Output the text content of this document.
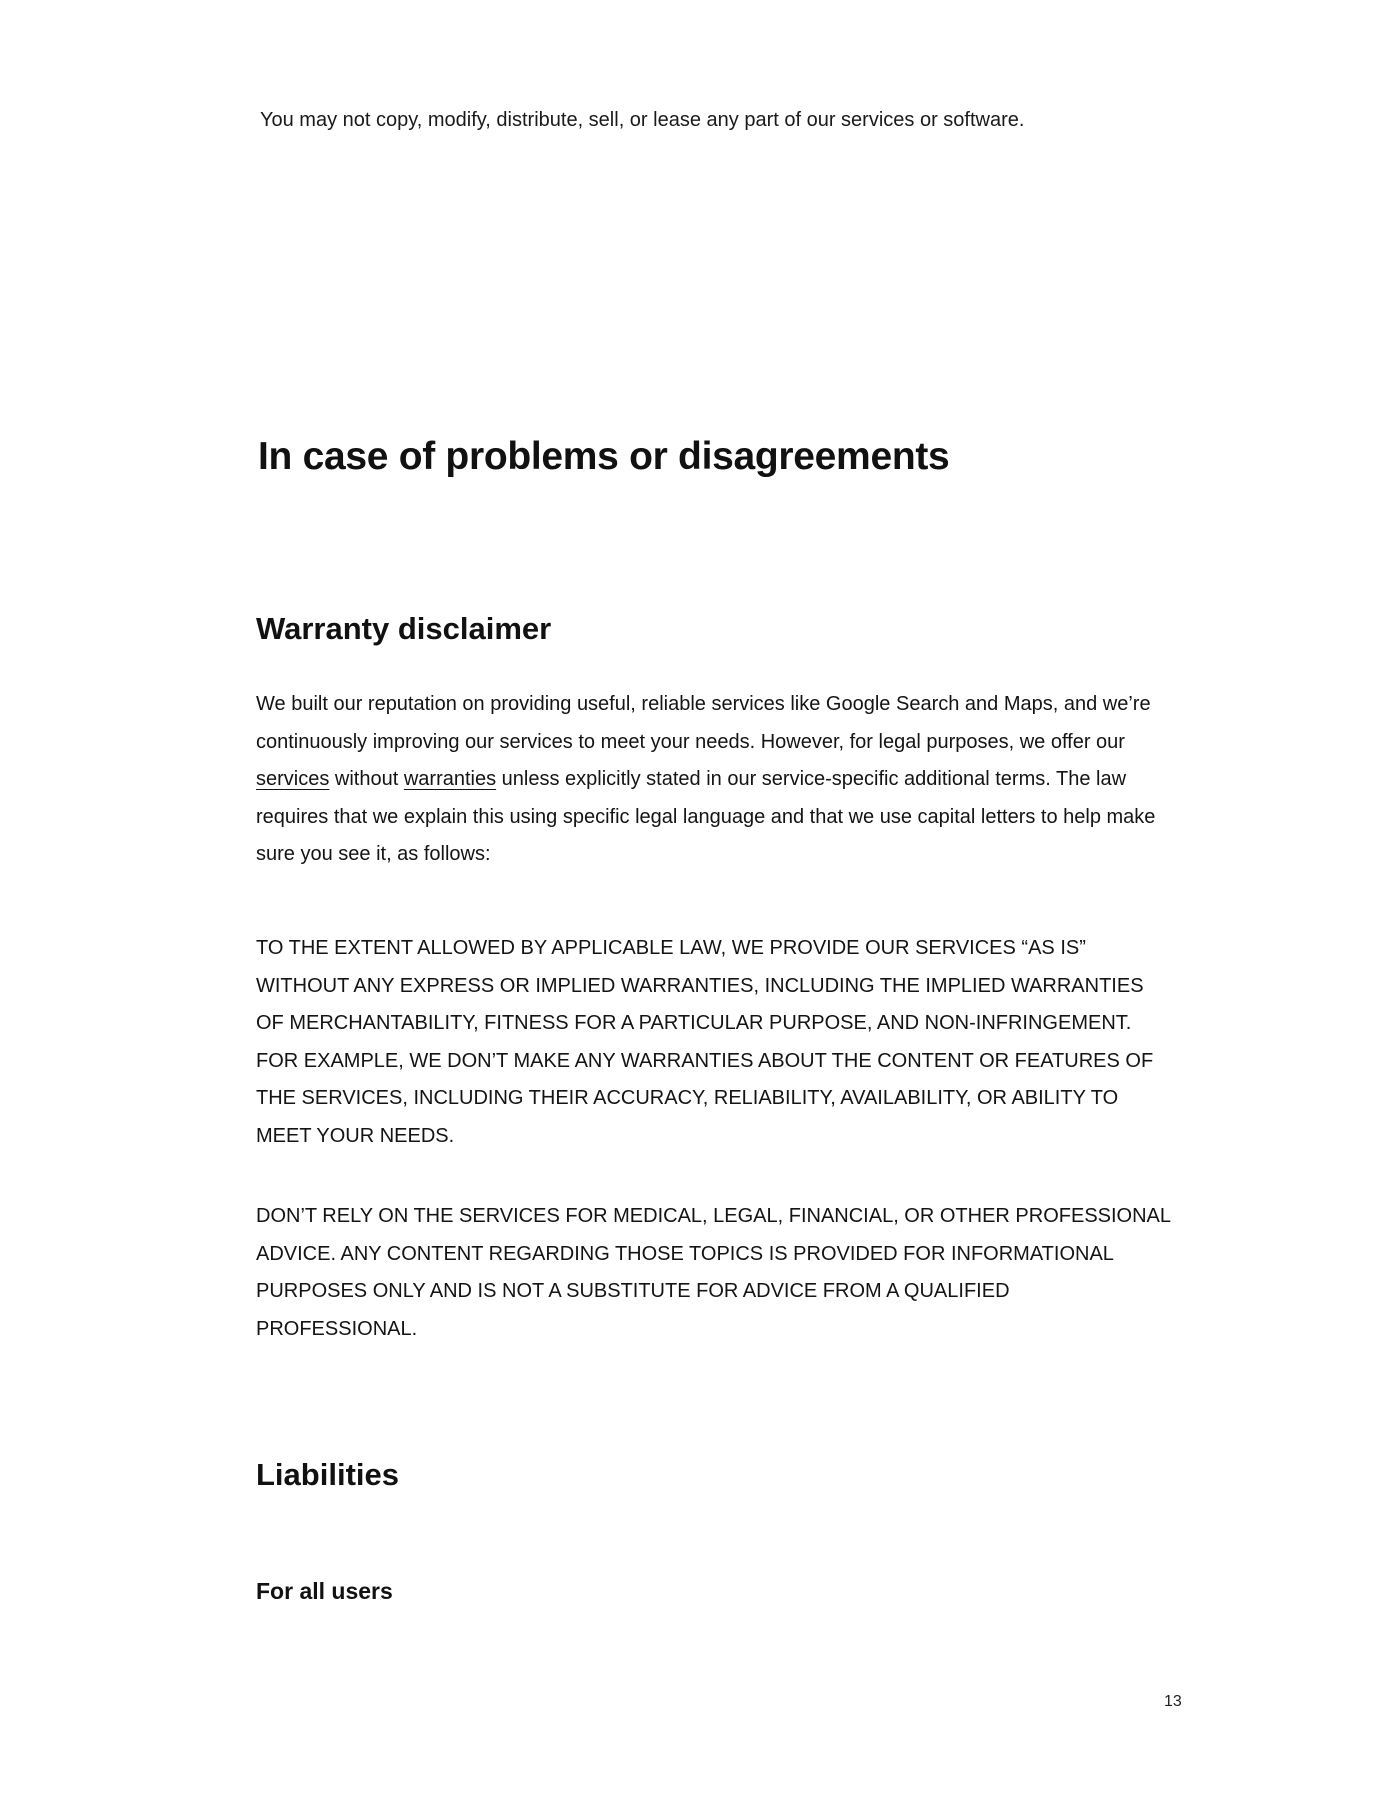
You may not copy, modify, distribute, sell, or lease any part of our services or software.

In case of problems or disagreements
Warranty disclaimer

We built our reputation on providing useful, reliable services like Google Search and Maps, and we’re continuously improving our services to meet your needs. However, for legal purposes, we offer our services without warranties unless explicitly stated in our service-specific additional terms. The law requires that we explain this using specific legal language and that we use capital letters to help make sure you see it, as follows:

TO THE EXTENT ALLOWED BY APPLICABLE LAW, WE PROVIDE OUR SERVICES “AS IS” WITHOUT ANY EXPRESS OR IMPLIED WARRANTIES, INCLUDING THE IMPLIED WARRANTIES OF MERCHANTABILITY, FITNESS FOR A PARTICULAR PURPOSE, AND NON-INFRINGEMENT. FOR EXAMPLE, WE DON’T MAKE ANY WARRANTIES ABOUT THE CONTENT OR FEATURES OF THE SERVICES, INCLUDING THEIR ACCURACY, RELIABILITY, AVAILABILITY, OR ABILITY TO MEET YOUR NEEDS.

DON’T RELY ON THE SERVICES FOR MEDICAL, LEGAL, FINANCIAL, OR OTHER PROFESSIONAL ADVICE. ANY CONTENT REGARDING THOSE TOPICS IS PROVIDED FOR INFORMATIONAL PURPOSES ONLY AND IS NOT A SUBSTITUTE FOR ADVICE FROM A QUALIFIED PROFESSIONAL.

Liabilities
For all users
13
